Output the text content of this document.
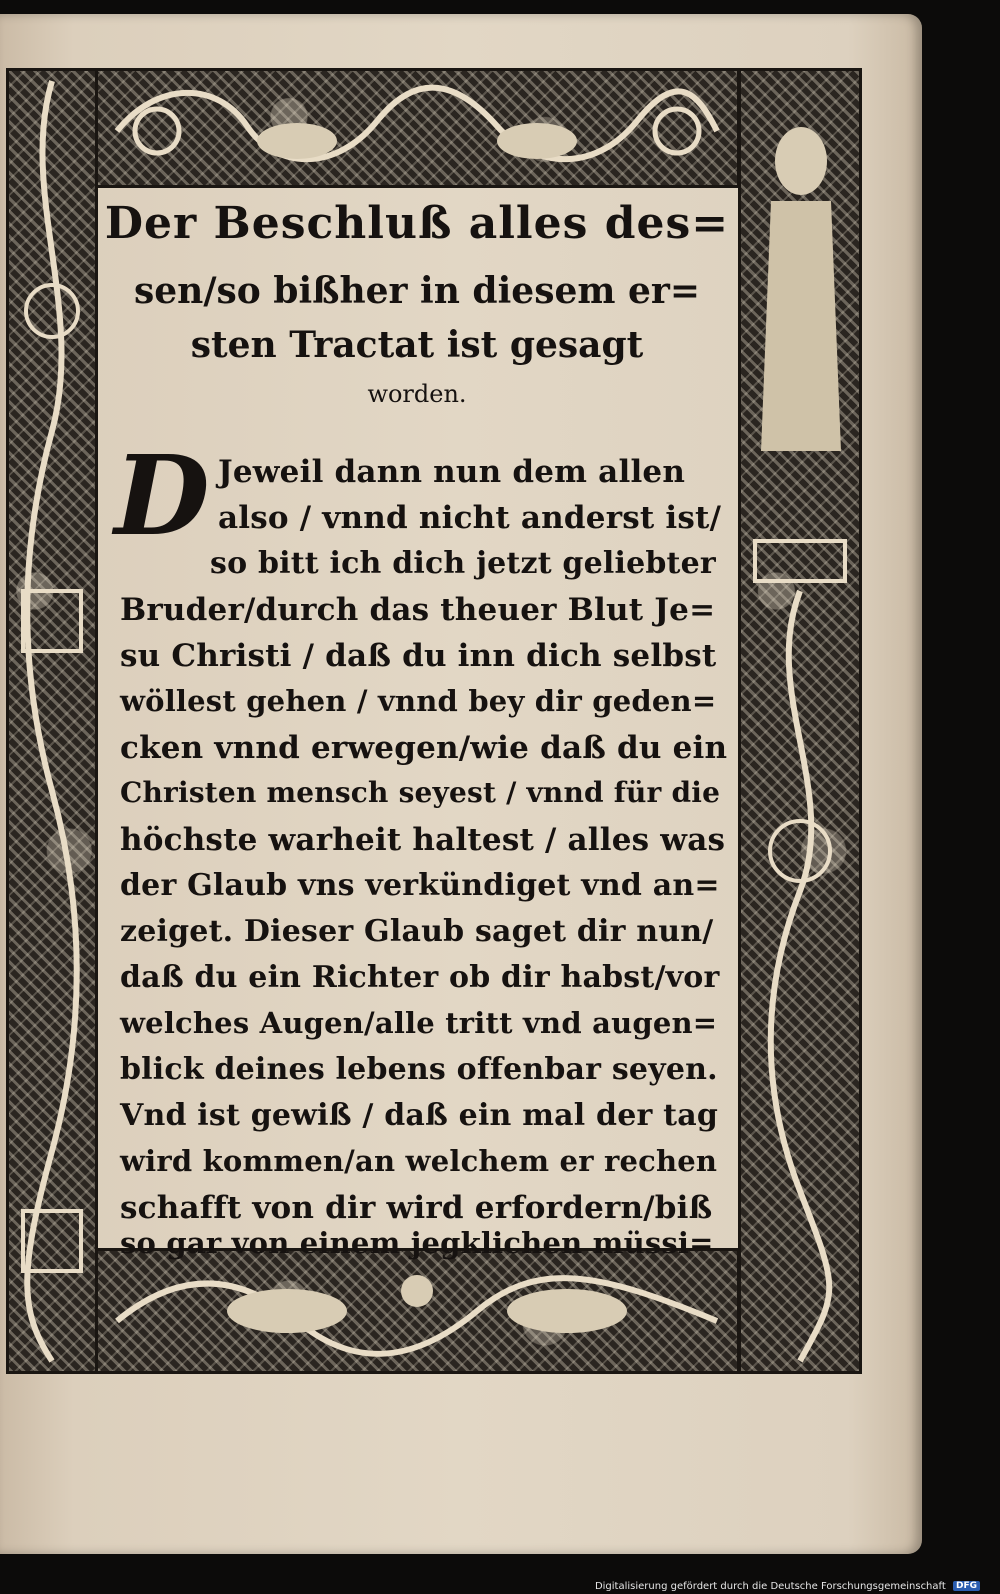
Der Beschluß alles des=
sen/so bißher in diesem er=
sten Tractat ist gesagt
worden.
D Jeweil dann nun dem allen
also / vnnd nicht anderst ist/
so bitt ich dich jetzt geliebter
Bruder/durch das theuer Blut Je=
su Christi / daß du inn dich selbst
wöllest gehen / vnnd bey dir geden=
cken vnnd erwegen/wie daß du ein
Christen mensch seyest / vnnd für die
höchste warheit haltest / alles was
der Glaub vns verkündiget vnd an=
zeiget. Dieser Glaub saget dir nun/
daß du ein Richter ob dir habst/vor
welches Augen/alle tritt vnd augen=
blick deines lebens offenbar seyen.
Vnd ist gewiß / daß ein mal der tag
wird kommen/an welchem er rechen
schafft von dir wird erfordern/biß
so gar von einem jegklichen müssi=
Digitalisierung gefördert durch die Deutsche Forschungsgemeinschaft DFG
